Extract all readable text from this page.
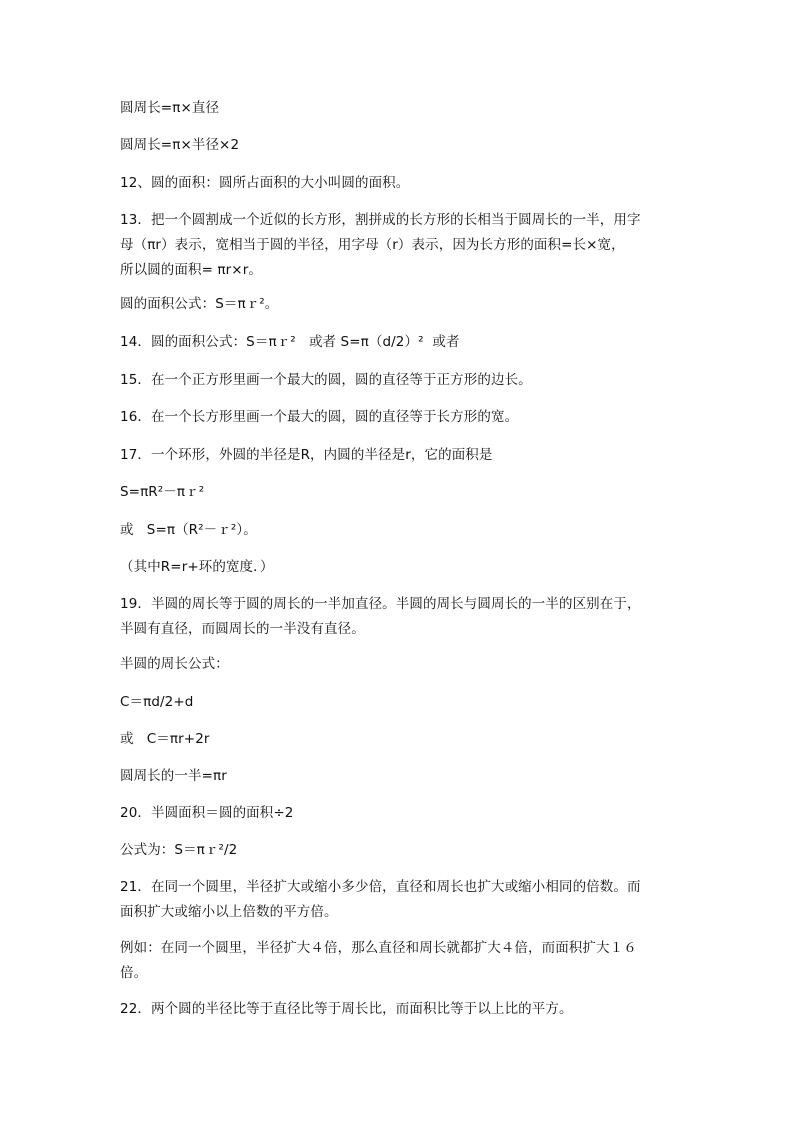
圆周长=π×直径
圆周长=π×半径×2
12、圆的面积：圆所占面积的大小叫圆的面积。
13．把一个圆割成一个近似的长方形，割拼成的长方形的长相当于圆周长的一半，用字
母（πr）表示，宽相当于圆的半径，用字母（r）表示，因为长方形的面积=长×宽，
所以圆的面积= πr×r。
圆的面积公式：S＝πｒ²。
14．圆的面积公式：S＝πｒ²   或者 S=π（d/2）²  或者
15．在一个正方形里画一个最大的圆，圆的直径等于正方形的边长。
16．在一个长方形里画一个最大的圆，圆的直径等于长方形的宽。
17．一个环形，外圆的半径是R，内圆的半径是r，它的面积是
S=πR²－πｒ²
或   S=π（R²－ｒ²）。
（其中R=r+环的宽度．）
19．半圆的周长等于圆的周长的一半加直径。半圆的周长与圆周长的一半的区别在于，
半圆有直径，而圆周长的一半没有直径。
半圆的周长公式：
C＝πd/2+d
或   C＝πr+2r
圆周长的一半=πr
20．半圆面积＝圆的面积÷2
公式为：S＝πｒ²/2
21．在同一个圆里，半径扩大或缩小多少倍，直径和周长也扩大或缩小相同的倍数。而
面积扩大或缩小以上倍数的平方倍。
例如：在同一个圆里，半径扩大４倍，那么直径和周长就都扩大４倍，而面积扩大１６
倍。
22．两个圆的半径比等于直径比等于周长比，而面积比等于以上比的平方。
